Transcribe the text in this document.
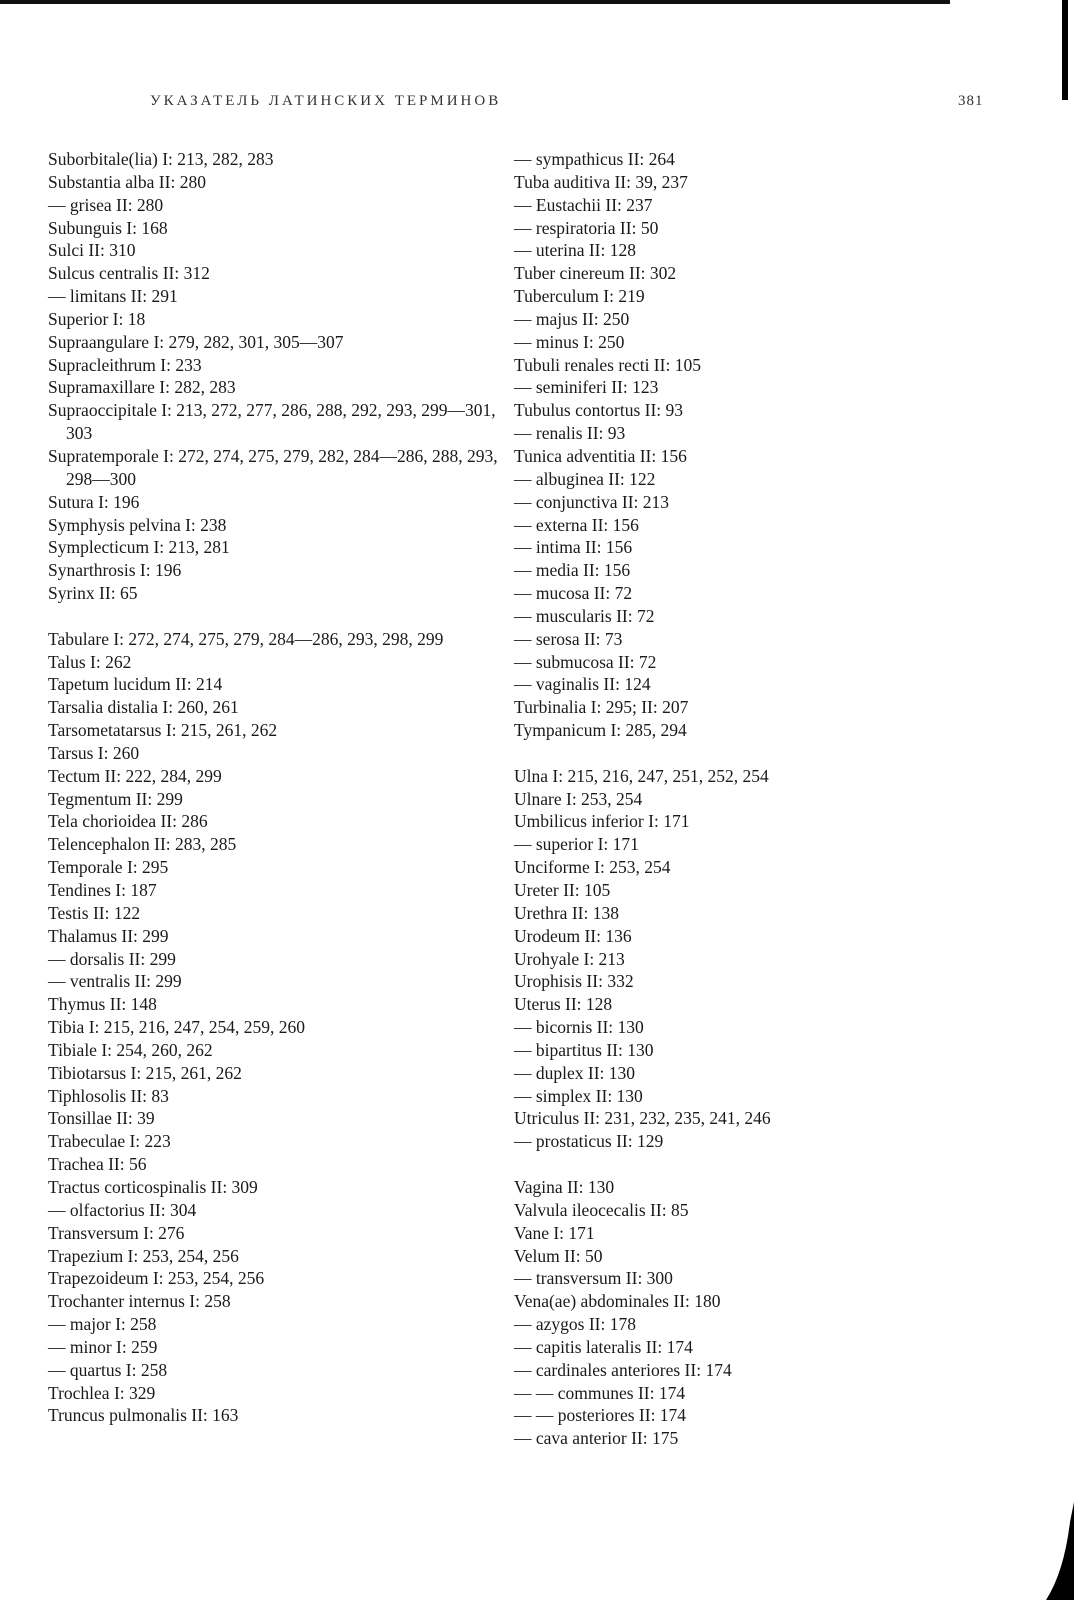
УКАЗАТЕЛЬ ЛАТИНСКИХ ТЕРМИНОВ	381
Suborbitale(lia) I: 213, 282, 283
Substantia alba II: 280
— grisea II: 280
Subunguis I: 168
Sulci II: 310
Sulcus centralis II: 312
— limitans II: 291
Superior I: 18
Supraangulare I: 279, 282, 301, 305—307
Supracleithrum I: 233
Supramaxillare I: 282, 283
Supraoccipitale I: 213, 272, 277, 286, 288, 292, 293, 299—301, 303
Supratemporale I: 272, 274, 275, 279, 282, 284—286, 288, 293, 298—300
Sutura I: 196
Symphysis pelvina I: 238
Symplecticum I: 213, 281
Synarthrosis I: 196
Syrinx II: 65
Tabulare I: 272, 274, 275, 279, 284—286, 293, 298, 299
Talus I: 262
Tapetum lucidum II: 214
Tarsalia distalia I: 260, 261
Tarsometatarsus I: 215, 261, 262
Tarsus I: 260
Tectum II: 222, 284, 299
Tegmentum II: 299
Tela chorioidea II: 286
Telencephalon II: 283, 285
Temporale I: 295
Tendines I: 187
Testis II: 122
Thalamus II: 299
— dorsalis II: 299
— ventralis II: 299
Thymus II: 148
Tibia I: 215, 216, 247, 254, 259, 260
Tibiale I: 254, 260, 262
Tibiotarsus I: 215, 261, 262
Tiphlosolis II: 83
Tonsillae II: 39
Trabeculae I: 223
Trachea II: 56
Tractus corticospinalis II: 309
— olfactorius II: 304
Transversum I: 276
Trapezium I: 253, 254, 256
Trapezoideum I: 253, 254, 256
Trochanter internus I: 258
— major I: 258
— minor I: 259
— quartus I: 258
Trochlea I: 329
Truncus pulmonalis II: 163
— sympathicus II: 264
Tuba auditiva II: 39, 237
— Eustachii II: 237
— respiratoria II: 50
— uterina II: 128
Tuber cinereum II: 302
Tuberculum I: 219
— majus II: 250
— minus I: 250
Tubuli renales recti II: 105
— seminiferi II: 123
Tubulus contortus II: 93
— renalis II: 93
Tunica adventitia II: 156
— albuginea II: 122
— conjunctiva II: 213
— externa II: 156
— intima II: 156
— media II: 156
— mucosa II: 72
— muscularis II: 72
— serosa II: 73
— submucosa II: 72
— vaginalis II: 124
Turbinalia I: 295; II: 207
Tympanicum I: 285, 294
Ulna I: 215, 216, 247, 251, 252, 254
Ulnare I: 253, 254
Umbilicus inferior I: 171
— superior I: 171
Unciforme I: 253, 254
Ureter II: 105
Urethra II: 138
Urodeum II: 136
Urohyale I: 213
Urophisis II: 332
Uterus II: 128
— bicornis II: 130
— bipartitus II: 130
— duplex II: 130
— simplex II: 130
Utriculus II: 231, 232, 235, 241, 246
— prostaticus II: 129
Vagina II: 130
Valvula ileocecalis II: 85
Vane I: 171
Velum II: 50
— transversum II: 300
Vena(ae) abdominales II: 180
— azygos II: 178
— capitis lateralis II: 174
— cardinales anteriores II: 174
— — communes II: 174
— — posteriores II: 174
— cava anterior II: 175
